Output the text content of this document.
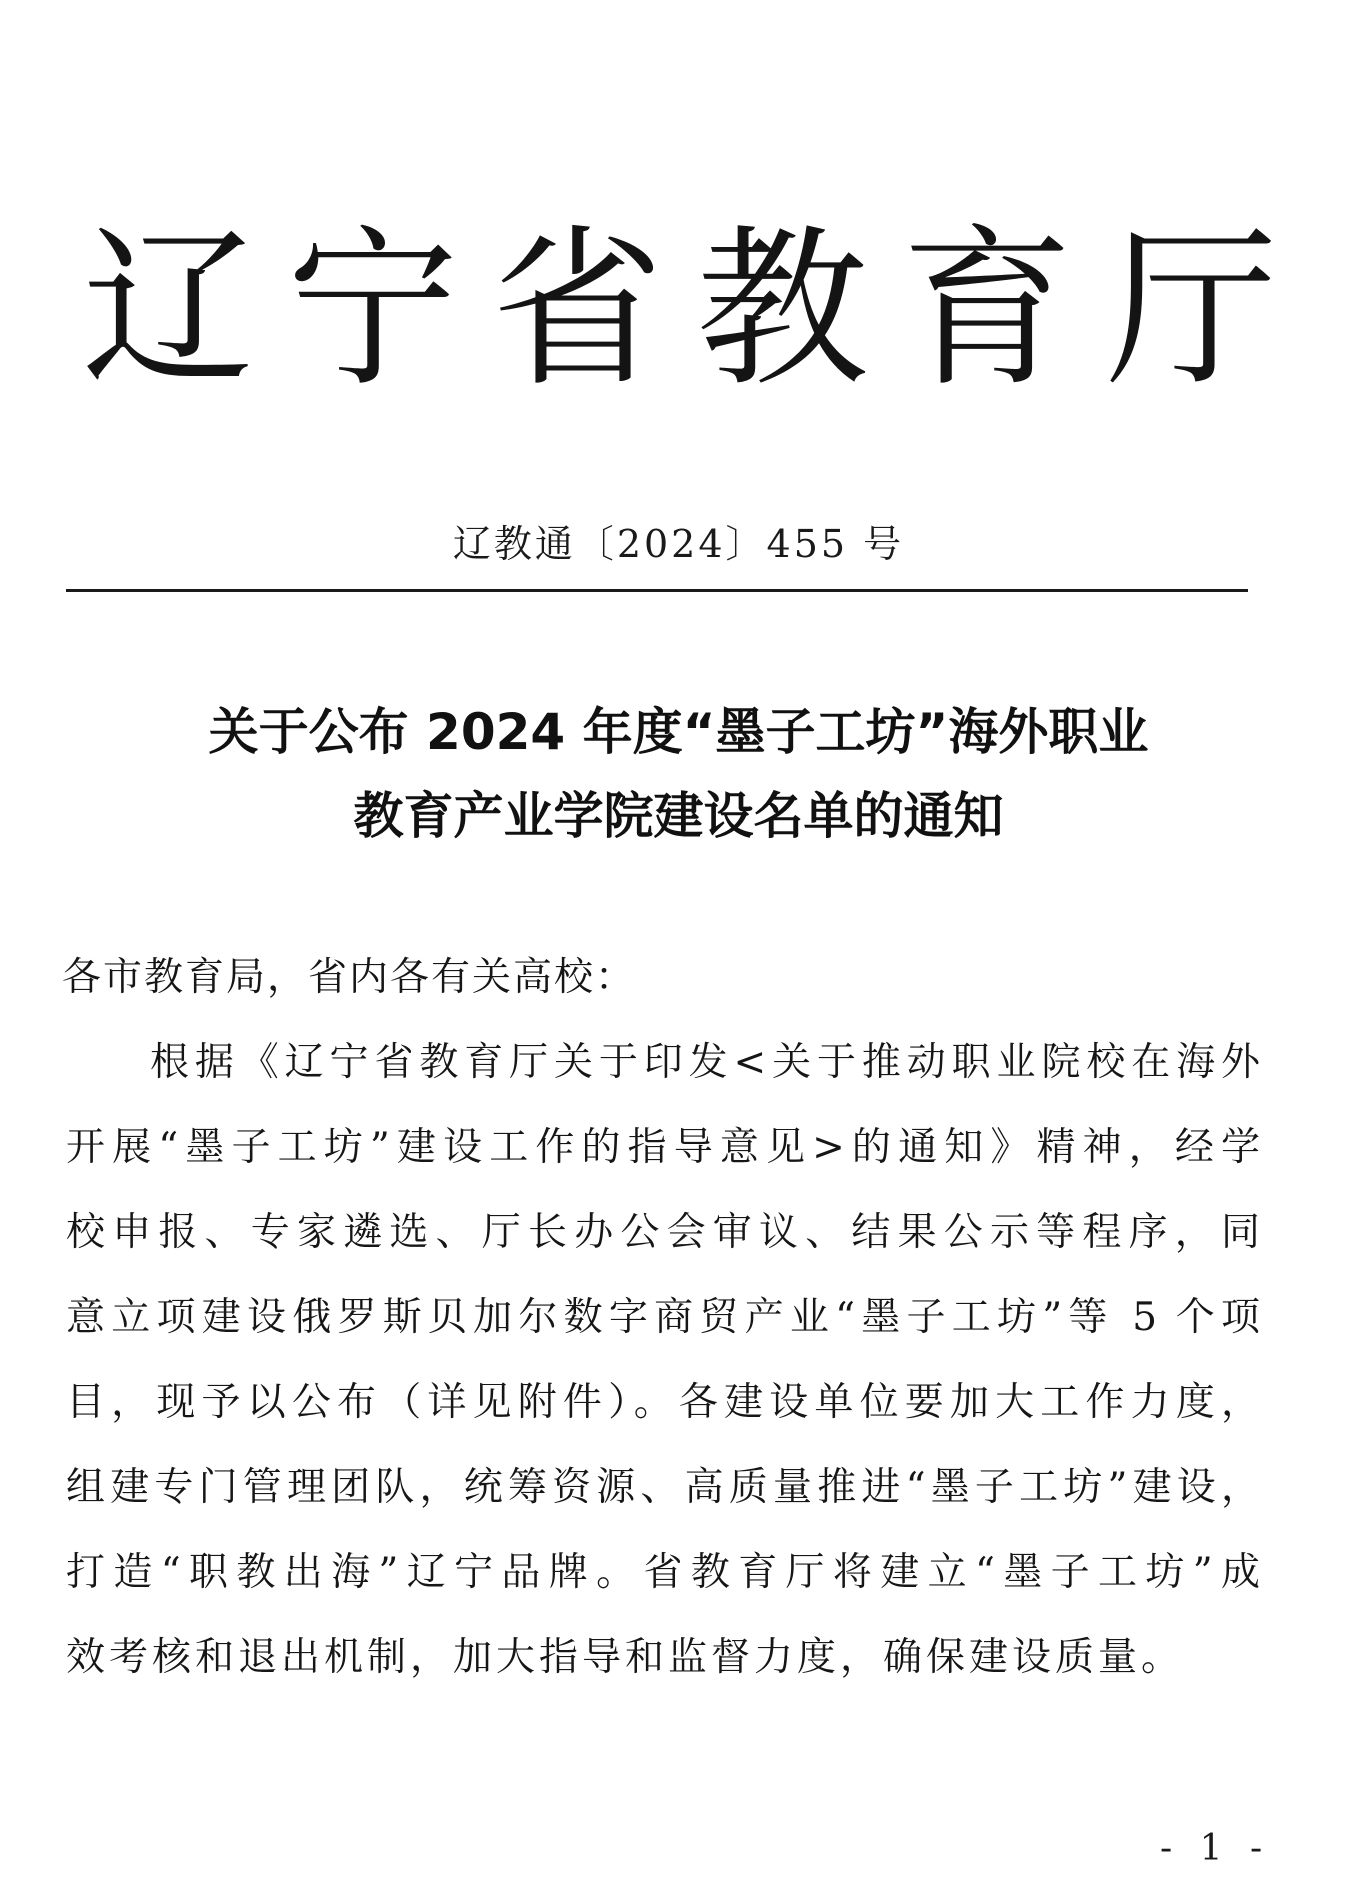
辽 宁 省 教 育 厅
辽教通〔2024〕455 号
关于公布 2024 年度“墨子工坊”海外职业
教育产业学院建设名单的通知
各市教育局，省内各有关高校：
根据《辽宁省教育厅关于印发<关于推动职业院校在海外
开展“墨子工坊”建设工作的指导意见>的通知》精神，经学
校申报、专家遴选、厅长办公会审议、结果公示等程序，同
意立项建设俄罗斯贝加尔数字商贸产业“墨子工坊”等 5 个项
目，现予以公布（详见附件）。各建设单位要加大工作力度，
组建专门管理团队，统筹资源、高质量推进“墨子工坊”建设，
打造“职教出海”辽宁品牌。省教育厅将建立“墨子工坊”成
效考核和退出机制，加大指导和监督力度，确保建设质量。
- 1 -
